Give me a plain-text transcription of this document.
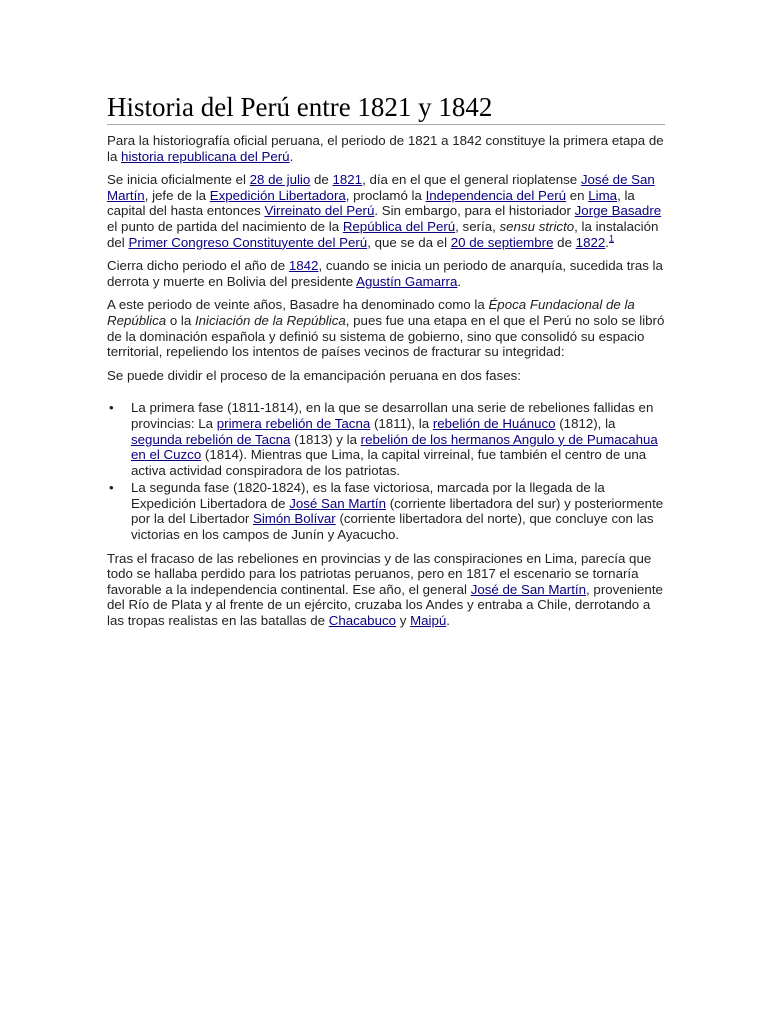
Historia del Perú entre 1821 y 1842

Para la historiografía oficial peruana, el periodo de 1821 a 1842 constituye la primera etapa de la historia republicana del Perú.

Se inicia oficialmente el 28 de julio de 1821, día en el que el general rioplatense José de San Martín, jefe de la Expedición Libertadora, proclamó la Independencia del Perú en Lima, la capital del hasta entonces Virreinato del Perú. Sin embargo, para el historiador Jorge Basadre el punto de partida del nacimiento de la República del Perú, sería, sensu stricto, la instalación del Primer Congreso Constituyente del Perú, que se da el 20 de septiembre de 1822.$^1$

Cierra dicho periodo el año de 1842, cuando se inicia un periodo de anarquía, sucedida tras la derrota y muerte en Bolivia del presidente Agustín Gamarra.

A este periodo de veinte años, Basadre ha denominado como la Época Fundacional de la República o la Iniciación de la República, pues fue una etapa en el que el Perú no solo se libró de la dominación española y definió su sistema de gobierno, sino que consolidó su espacio territorial, repeliendo los intentos de países vecinos de fracturar su integridad:

Se puede dividir el proceso de la emancipación peruana en dos fases:

• La primera fase (1811-1814), en la que se desarrollan una serie de rebeliones fallidas en provincias: La primera rebelión de Tacna (1811), la rebelión de Huánuco (1812), la segunda rebelión de Tacna (1813) y la rebelión de los hermanos Angulo y de Pumacahua en el Cuzco (1814). Mientras que Lima, la capital virreinal, fue también el centro de una activa actividad conspiradora de los patriotas.
• La segunda fase (1820-1824), es la fase victoriosa, marcada por la llegada de la Expedición Libertadora de José San Martín (corriente libertadora del sur) y posteriormente por la del Libertador Simón Bolívar (corriente libertadora del norte), que concluye con las victorias en los campos de Junín y Ayacucho.

Tras el fracaso de las rebeliones en provincias y de las conspiraciones en Lima, parecía que todo se hallaba perdido para los patriotas peruanos, pero en 1817 el escenario se tornaría favorable a la independencia continental. Ese año, el general José de San Martín, proveniente del Río de Plata y al frente de un ejército, cruzaba los Andes y entraba a Chile, derrotando a las tropas realistas en las batallas de Chacabuco y Maipú.
